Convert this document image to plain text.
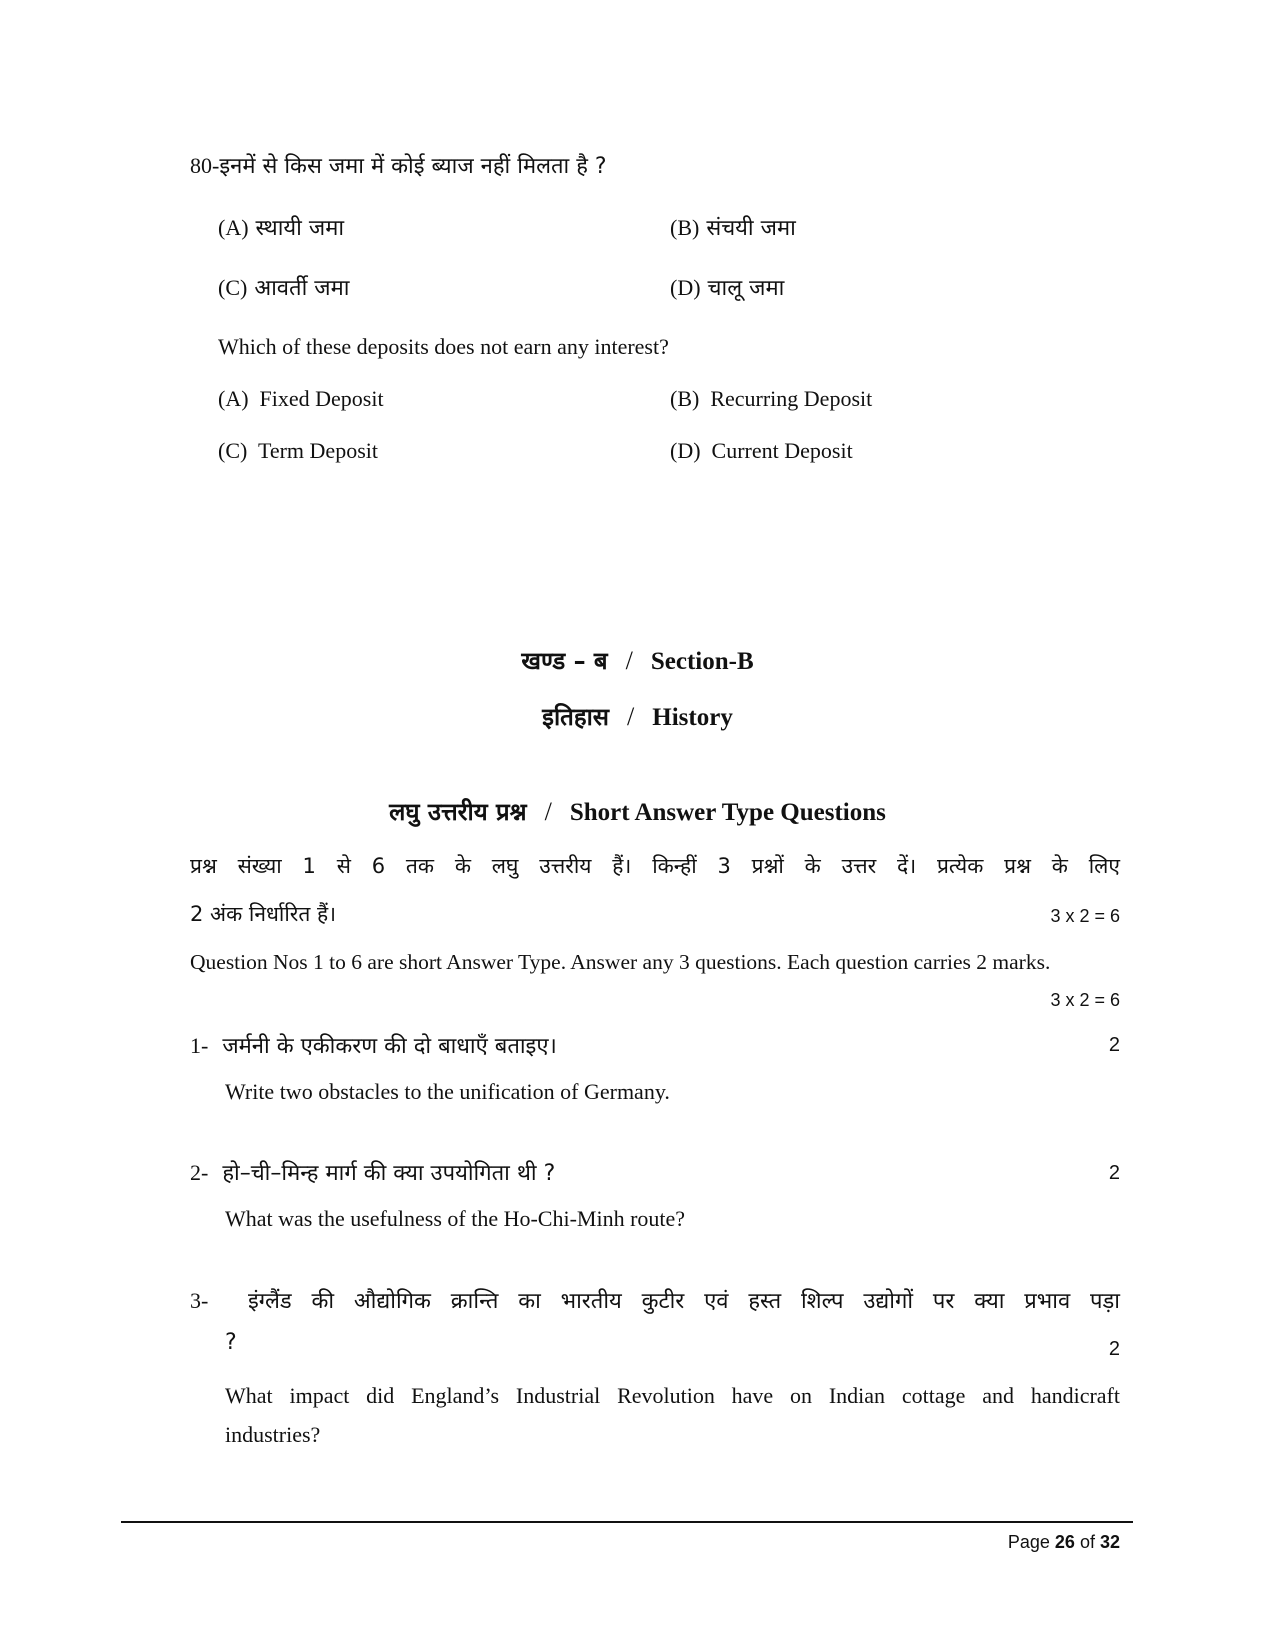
80-इनमें से किस जमा में कोई ब्याज नहीं मिलता है ?
(A) स्थायी जमा	(B) संचयी जमा
(C) आवर्ती जमा	(D) चालू जमा
Which of these deposits does not earn any interest?
(A) Fixed Deposit	(B) Recurring Deposit
(C) Term Deposit	(D) Current Deposit
खण्ड – ब / Section-B
इतिहास / History
लघु उत्तरीय प्रश्न / Short Answer Type Questions
प्रश्न संख्या 1 से 6 तक के लघु उत्तरीय हैं। किन्हीं 3 प्रश्नों के उत्तर दें। प्रत्येक प्रश्न के लिए
2 अंक निर्धारित हैं।	3 x 2 = 6
Question Nos 1 to 6 are short Answer Type. Answer any 3 questions. Each question carries 2 marks.
3 x 2 = 6
1- जर्मनी के एकीकरण की दो बाधाएँ बताइए।	2
Write two obstacles to the unification of Germany.
2- हो–ची–मिन्ह मार्ग की क्या उपयोगिता थी ?	2
What was the usefulness of the Ho-Chi-Minh route?
3- इंग्लैंड की औद्योगिक क्रान्ति का भारतीय कुटीर एवं हस्त शिल्प उद्योगों पर क्या प्रभाव पड़ा
?	2
What impact did England’s Industrial Revolution have on Indian cottage and handicraft
industries?
Page 26 of 32
